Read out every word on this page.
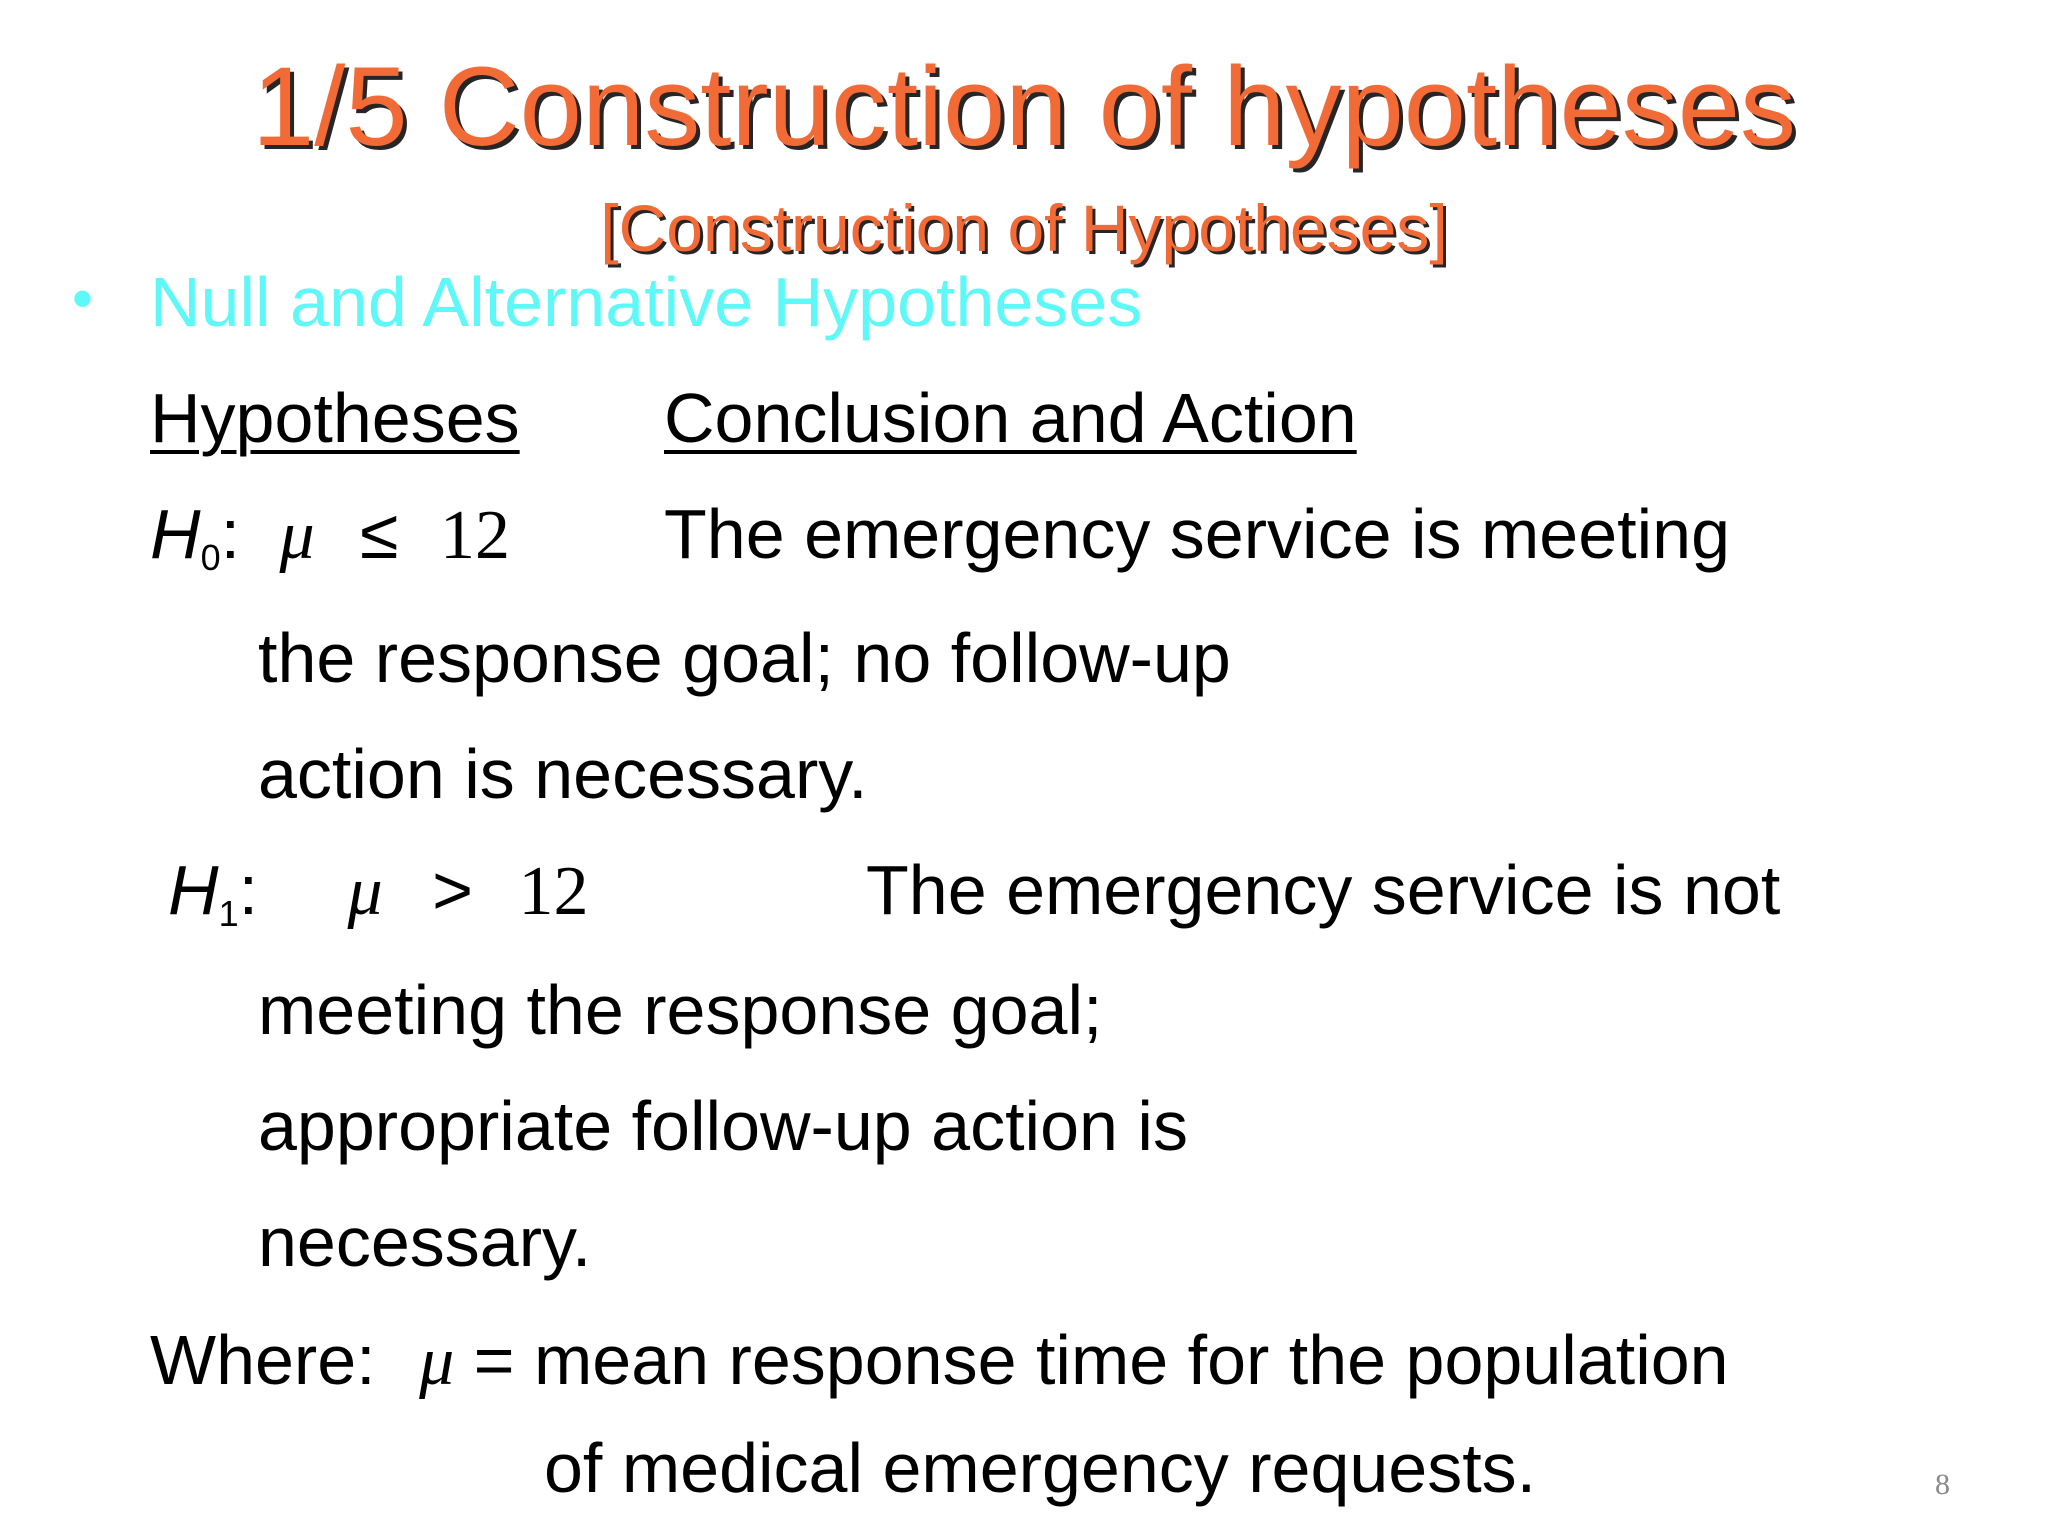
1/5 Construction of hypotheses
[Construction of Hypotheses]
• Null and Alternative Hypotheses
Hypotheses Conclusion and Action
$H_0$: μ ≤ 12 The emergency service is meeting
the response goal; no follow-up
action is necessary.
$H_1$: μ > 12	The emergency service is not
meeting the response goal;
appropriate follow-up action is
necessary.
Where: μ = mean response time for the population
of medical emergency requests.	8
